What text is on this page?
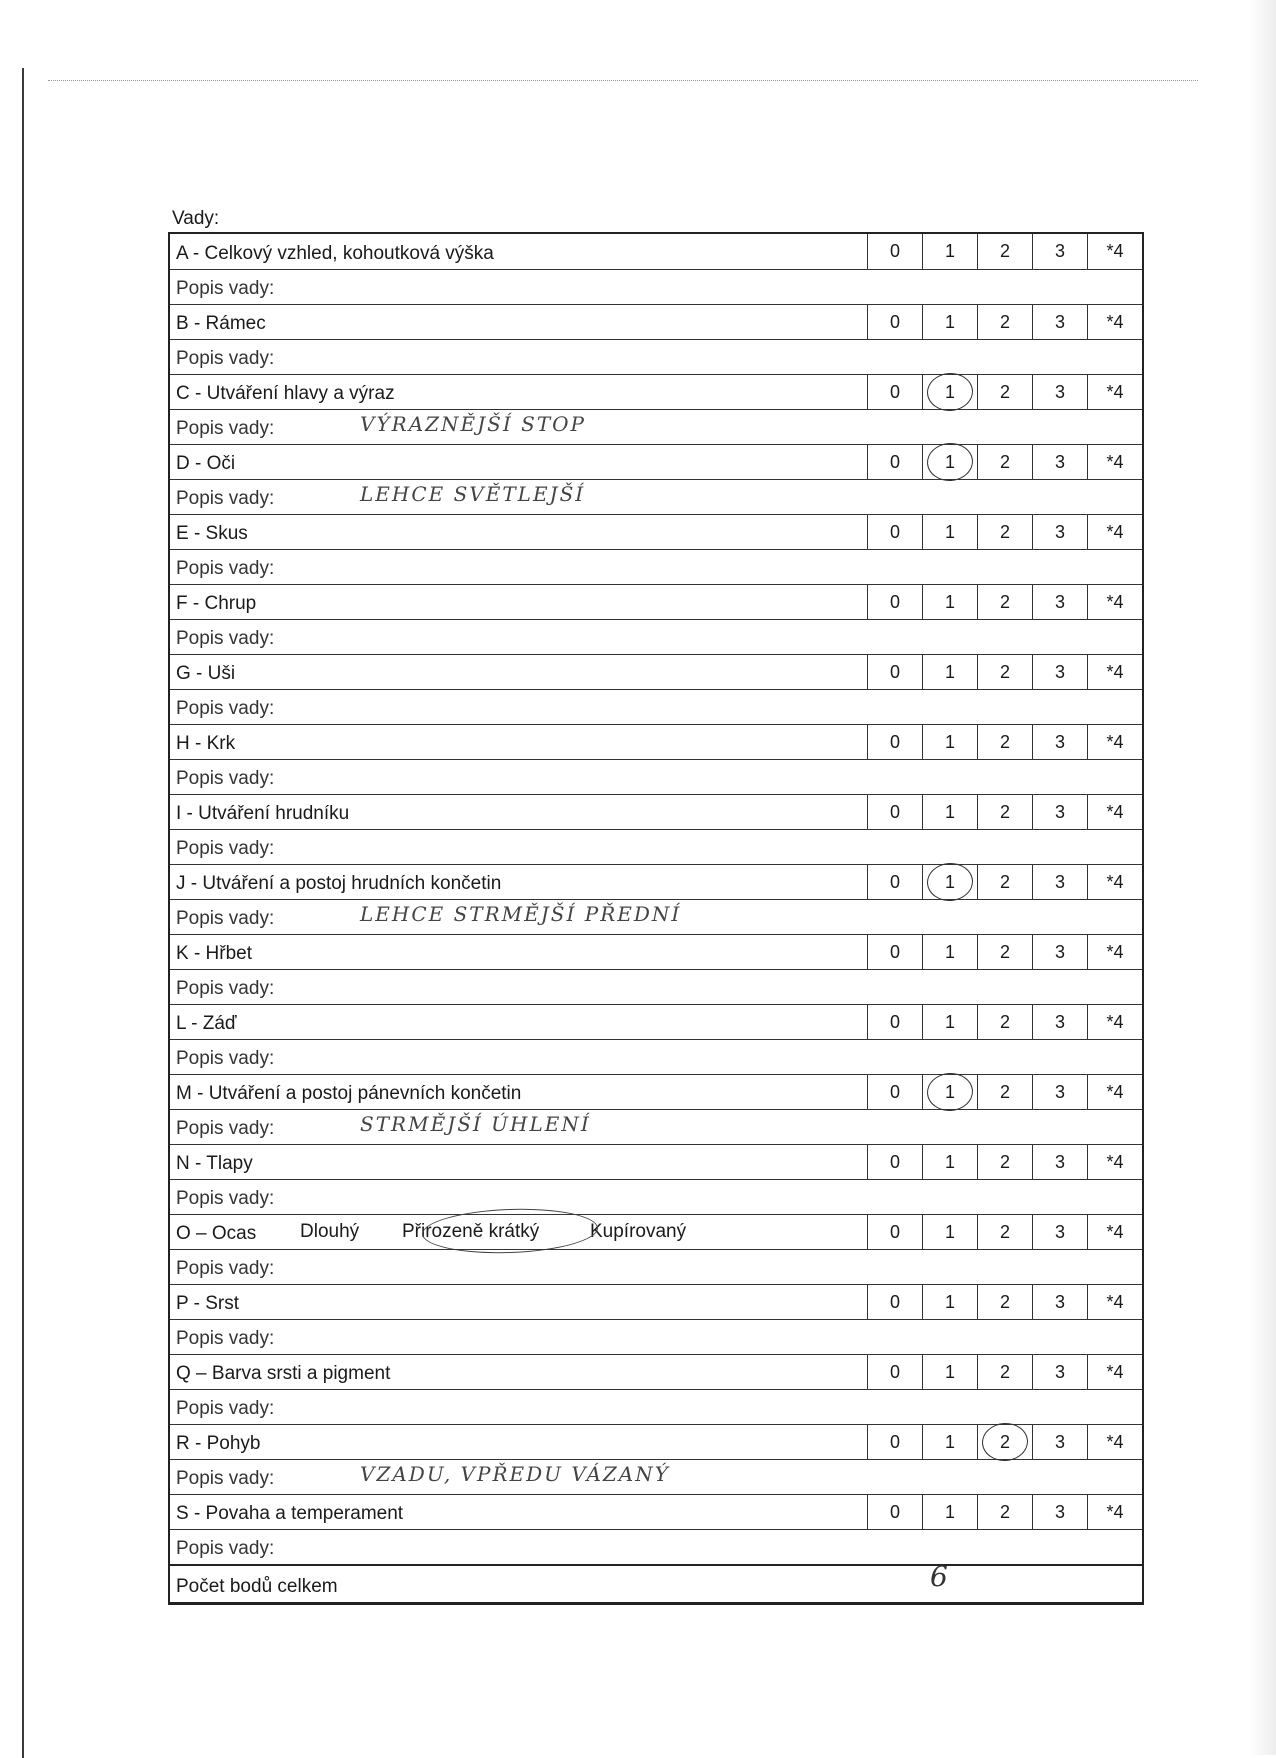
Vady:
A - Celkový vzhled, kohoutková výška	0 1 2 3 *4
Popis vady:
B - Rámec	0 1 2 3 *4
Popis vady:
C - Utváření hlavy a výraz	0 1 2 3 *4
Popis vady:	VÝRAZNĚJŠÍ STOP
D - Oči	0 1 2 3 *4
Popis vady:	LEHCE SVĚTLEJŠÍ
E - Skus	0 1 2 3 *4
Popis vady:
F - Chrup	0 1 2 3 *4
Popis vady:
G - Uši	0 1 2 3 *4
Popis vady:
H - Krk	0 1 2 3 *4
Popis vady:
I - Utváření hrudníku	0 1 2 3 *4
Popis vady:
J - Utváření a postoj hrudních končetin	0 1 2 3 *4
Popis vady:	LEHCE STRMĚJŠÍ PŘEDNÍ
K - Hřbet	0 1 2 3 *4
Popis vady:
L - Záď	0 1 2 3 *4
Popis vady:
M - Utváření a postoj pánevních končetin	0 1 2 3 *4
Popis vady:	STRMĚJŠÍ ÚHLENÍ
N - Tlapy	0 1 2 3 *4
Popis vady:
O – Ocas	Dlouhý Přirozeně krátký	Kupírovaný	0 1 2 3 *4
Popis vady:
P - Srst	0 1 2 3 *4
Popis vady:
Q – Barva srsti a pigment	0 1 2 3 *4
Popis vady:
R - Pohyb	0 1 2 3 *4
Popis vady:	VZADU, VPŘEDU VÁZANÝ
S - Povaha a temperament	0 1 2 3 *4
Popis vady:
Počet bodů celkem	6
